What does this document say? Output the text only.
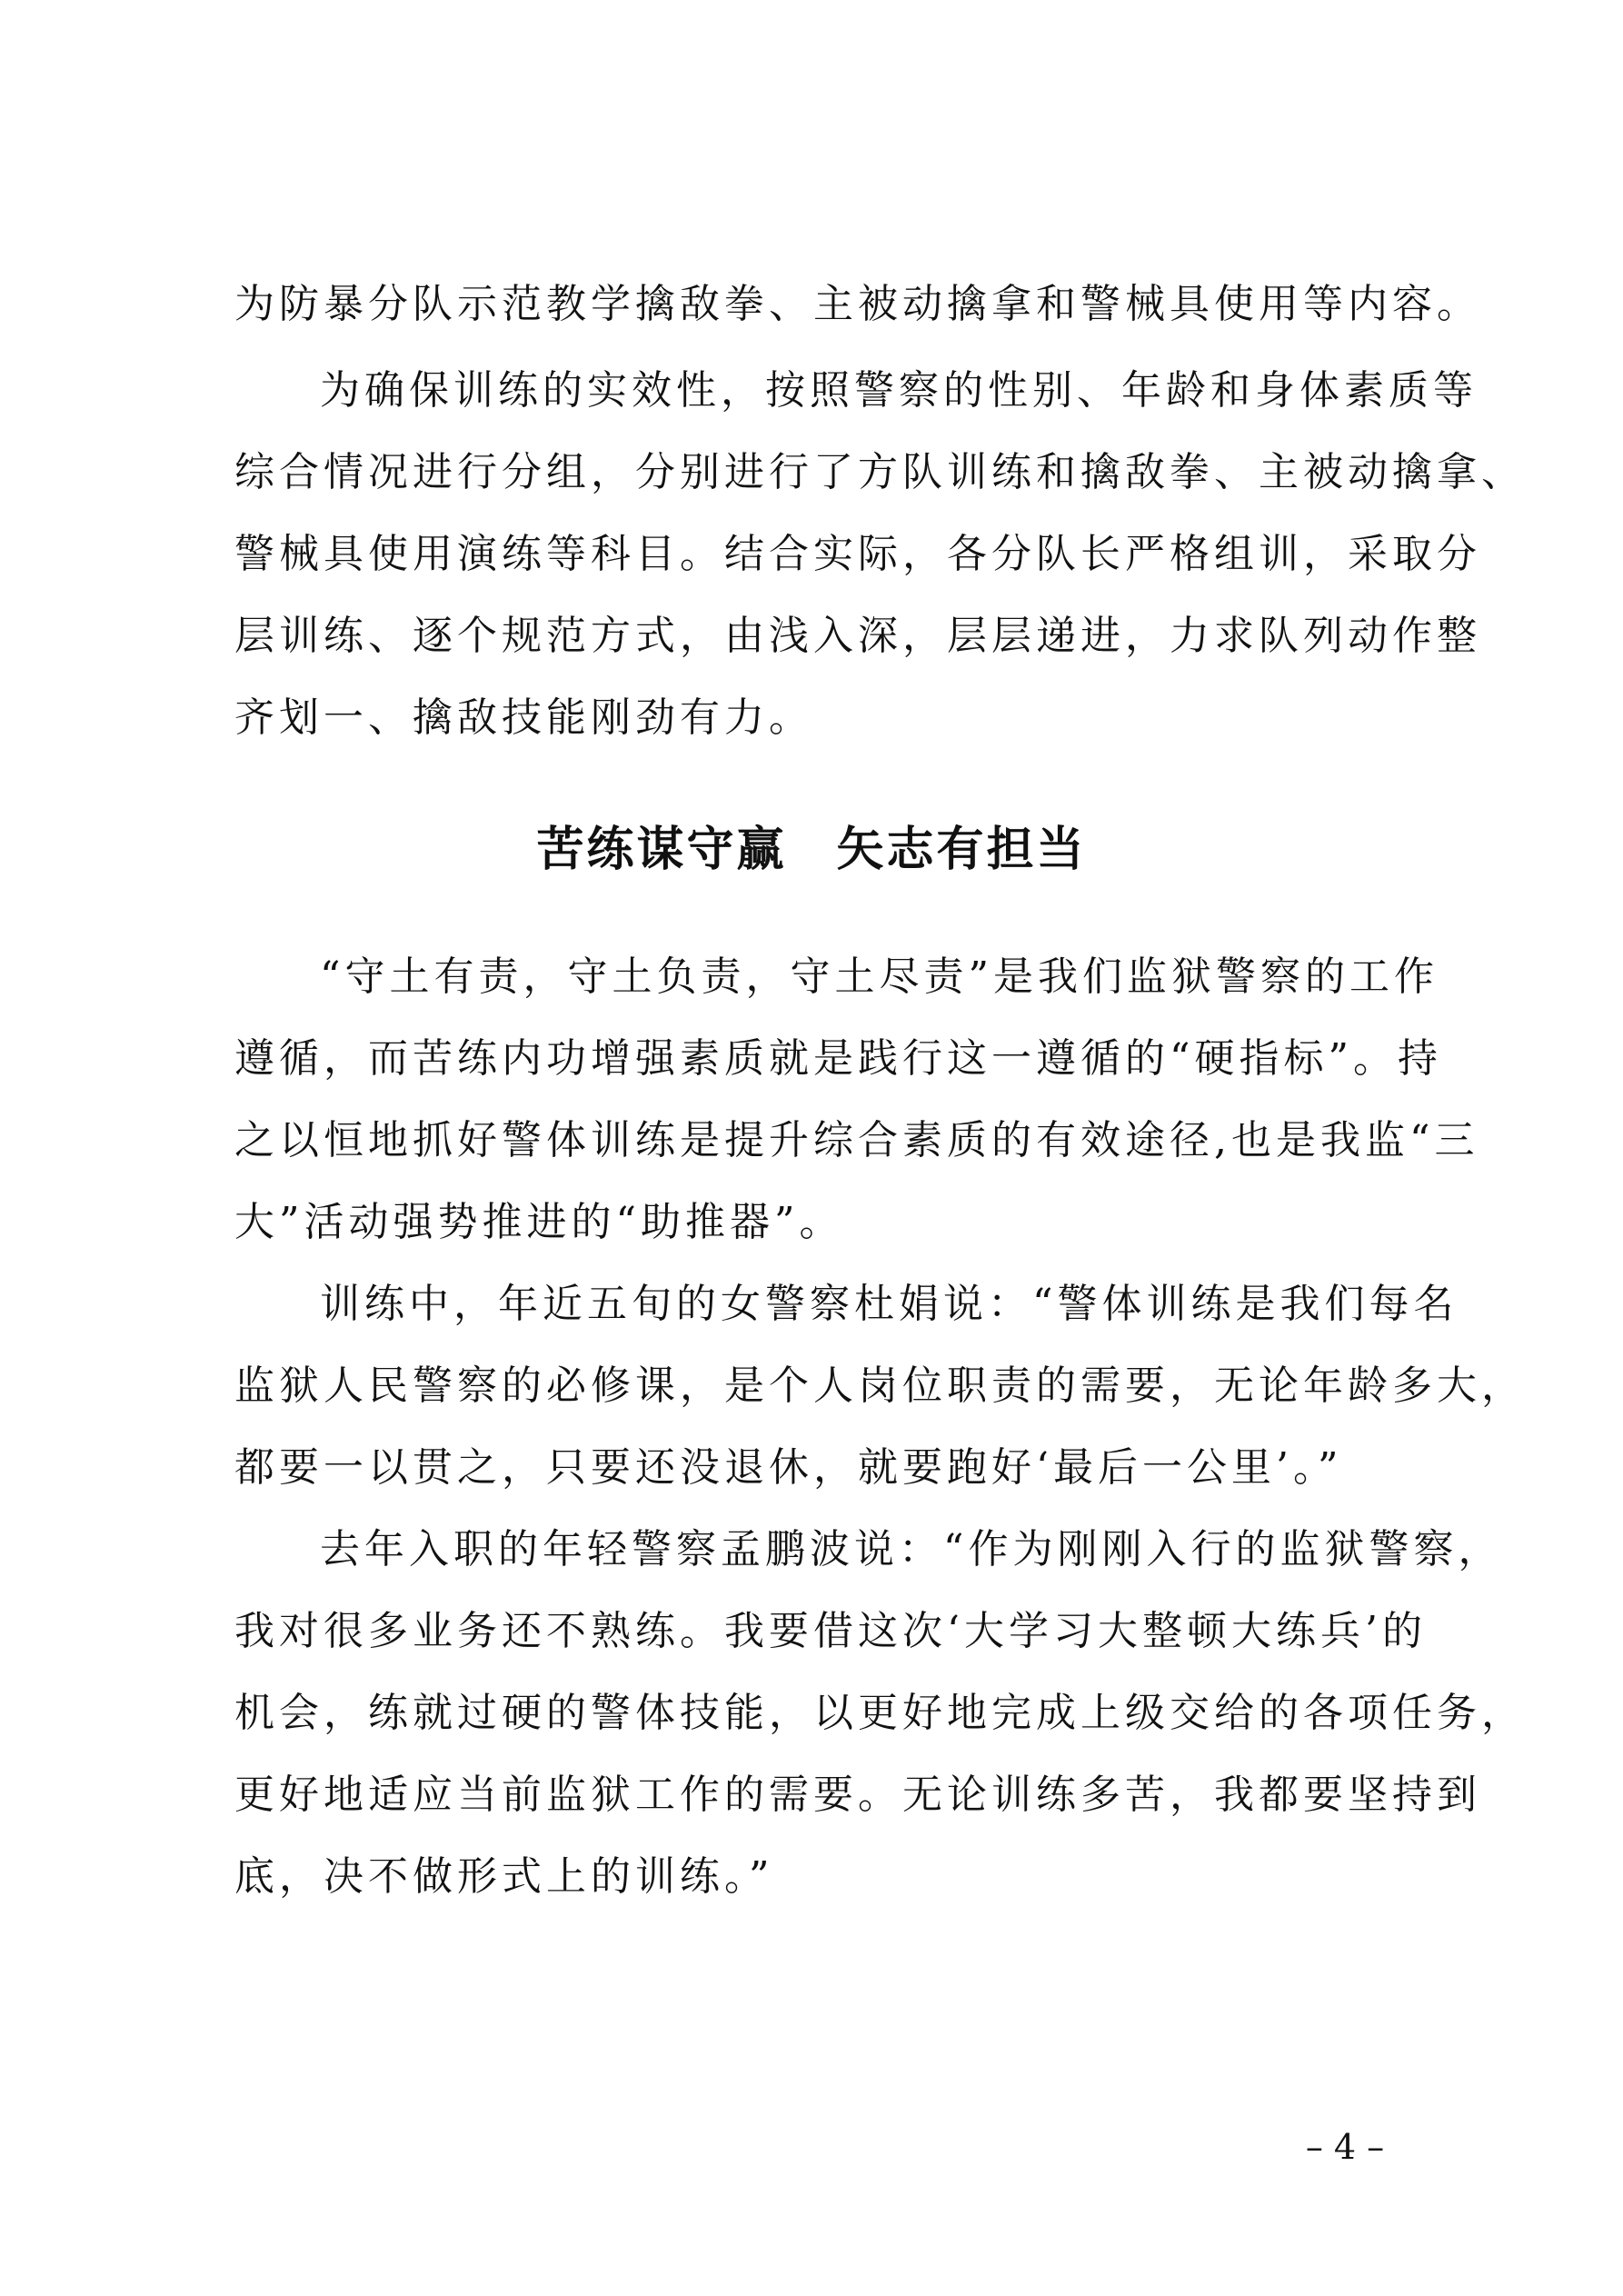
为防暴分队示范教学擒敌拳、主被动擒拿和警械具使用等内容。
为确保训练的实效性，按照警察的性别、年龄和身体素质等
综合情况进行分组，分别进行了方队训练和擒敌拳、主被动擒拿、
警械具使用演练等科目。结合实际，各分队长严格组训，采取分
层训练、逐个规范方式，由浅入深，层层递进，力求队列动作整
齐划一、擒敌技能刚劲有力。
苦练谋守赢　矢志有担当
“守土有责，守土负责，守土尽责”是我们监狱警察的工作
遵循，而苦练内功增强素质就是践行这一遵循的“硬指标”。持
之以恒地抓好警体训练是提升综合素质的有效途径,也是我监“三
大”活动强势推进的“助推器”。
训练中，年近五旬的女警察杜娟说：“警体训练是我们每名
监狱人民警察的必修课，是个人岗位职责的需要，无论年龄多大，
都要一以贯之，只要还没退休，就要跑好‘最后一公里’。”
去年入职的年轻警察孟鹏波说：“作为刚刚入行的监狱警察，
我对很多业务还不熟练。我要借这次‘大学习大整顿大练兵’的
机会，练就过硬的警体技能，以更好地完成上级交给的各项任务，
更好地适应当前监狱工作的需要。无论训练多苦，我都要坚持到
底，决不做形式上的训练。”
– 4 –
